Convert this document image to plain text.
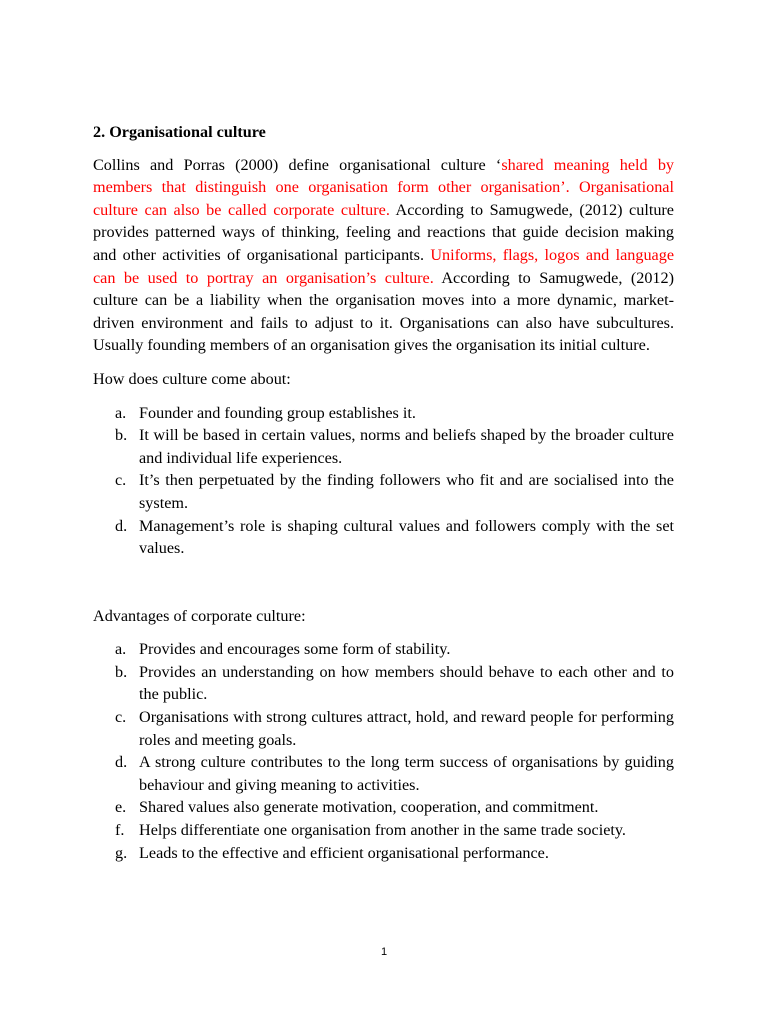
2. Organisational culture

Collins and Porras (2000) define organisational culture ‘shared meaning held by members that distinguish one organisation form other organisation’. Organisational culture can also be called corporate culture. According to Samugwede, (2012) culture provides patterned ways of thinking, feeling and reactions that guide decision making and other activities of organisational participants. Uniforms, flags, logos and language can be used to portray an organisation’s culture. According to Samugwede, (2012) culture can be a liability when the organisation moves into a more dynamic, market-driven environment and fails to adjust to it. Organisations can also have subcultures. Usually founding members of an organisation gives the organisation its initial culture.

How does culture come about:

a. Founder and founding group establishes it.
b. It will be based in certain values, norms and beliefs shaped by the broader culture and individual life experiences.
c. It’s then perpetuated by the finding followers who fit and are socialised into the system.
d. Management’s role is shaping cultural values and followers comply with the set values.

Advantages of corporate culture:

a. Provides and encourages some form of stability.
b. Provides an understanding on how members should behave to each other and to the public.
c. Organisations with strong cultures attract, hold, and reward people for performing roles and meeting goals.
d. A strong culture contributes to the long term success of organisations by guiding behaviour and giving meaning to activities.
e. Shared values also generate motivation, cooperation, and commitment.
f. Helps differentiate one organisation from another in the same trade society.
g. Leads to the effective and efficient organisational performance.
1
